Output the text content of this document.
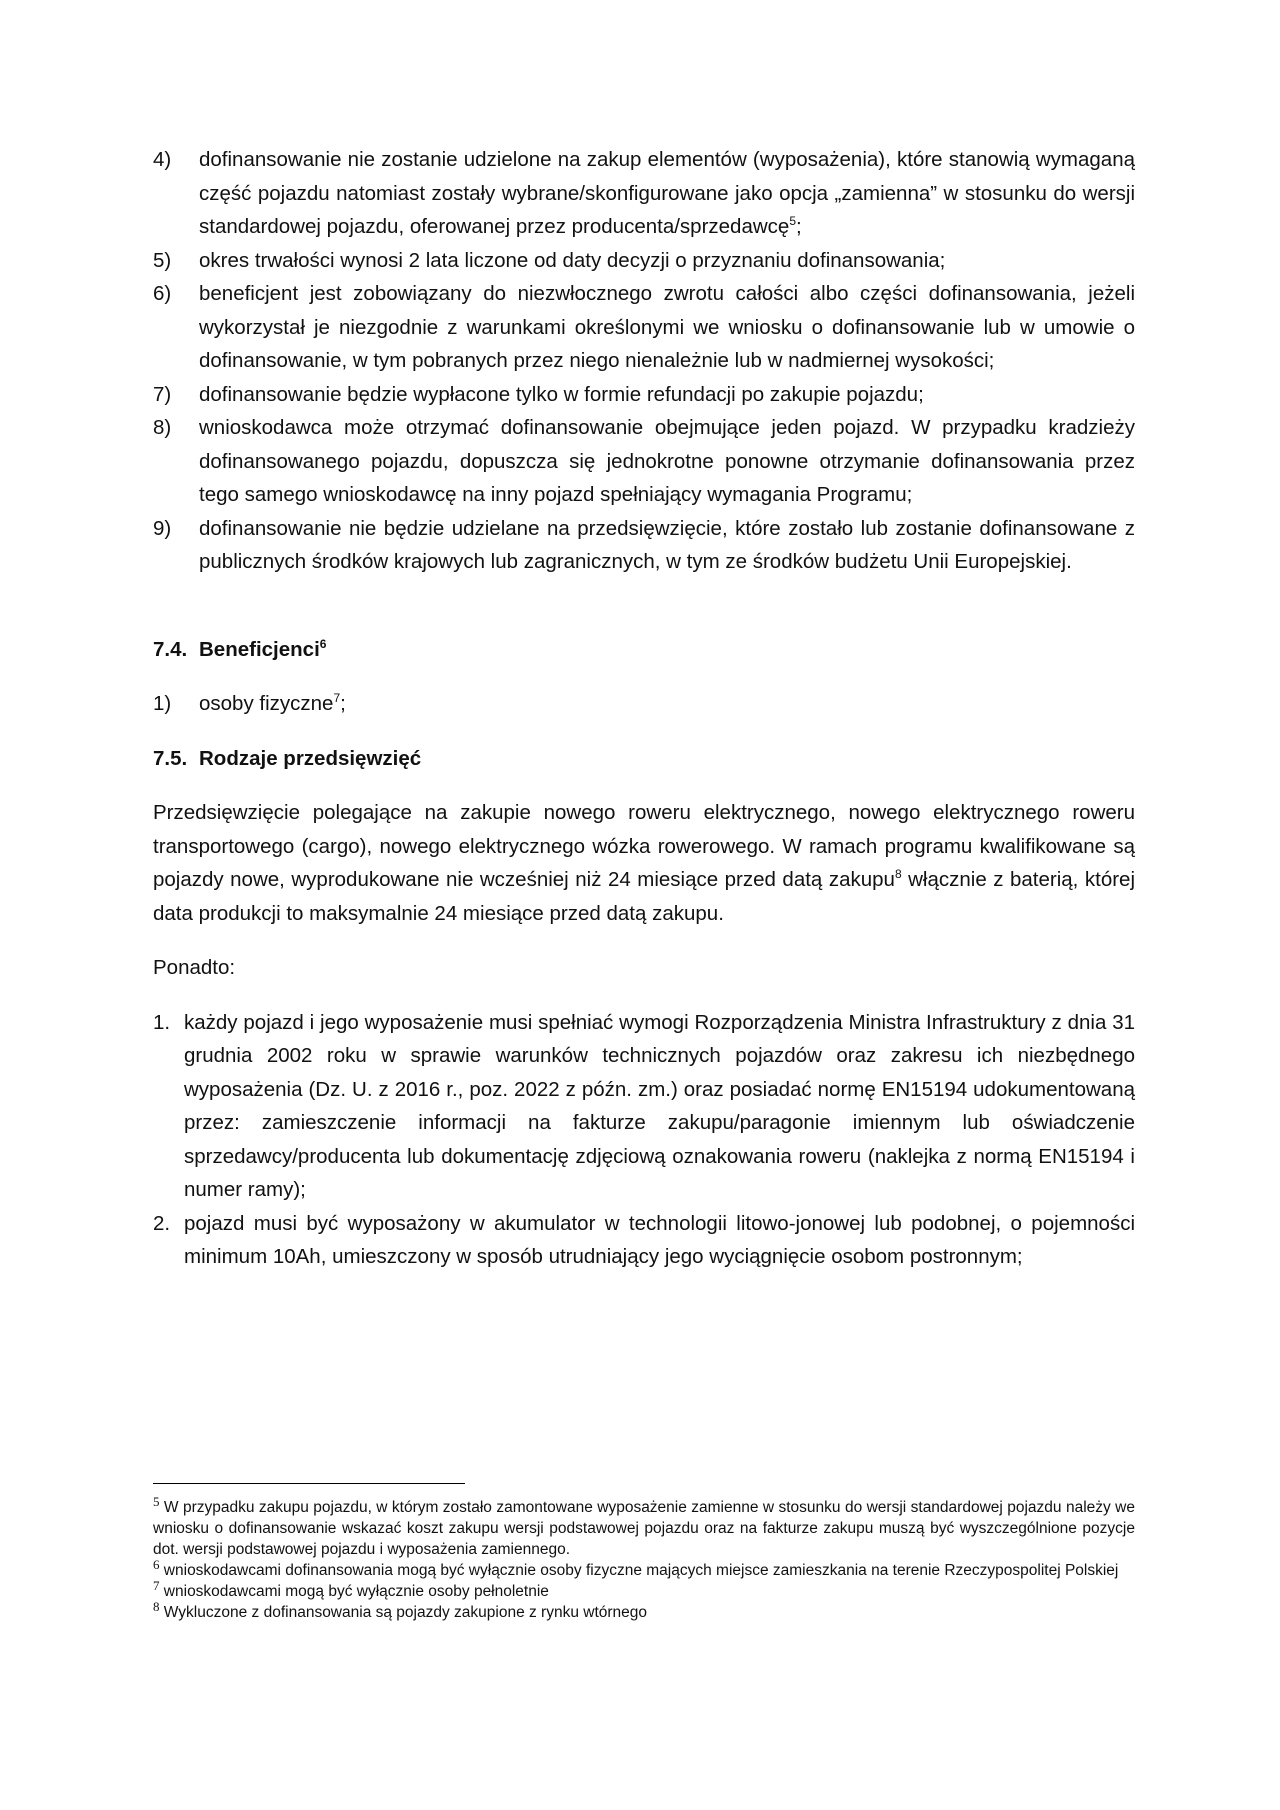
4) dofinansowanie nie zostanie udzielone na zakup elementów (wyposażenia), które stanowią wymaganą część pojazdu natomiast zostały wybrane/skonfigurowane jako opcja „zamienna” w stosunku do wersji standardowej pojazdu, oferowanej przez producenta/sprzedawcę$^5$;
5) okres trwałości wynosi 2 lata liczone od daty decyzji o przyznaniu dofinansowania;
6) beneficjent jest zobowiązany do niezwłocznego zwrotu całości albo części dofinansowania, jeżeli wykorzystał je niezgodnie z warunkami określonymi we wniosku o dofinansowanie lub w umowie o dofinansowanie, w tym pobranych przez niego nienależnie lub w nadmiernej wysokości;
7) dofinansowanie będzie wypłacone tylko w formie refundacji po zakupie pojazdu;
8) wnioskodawca może otrzymać dofinansowanie obejmujące jeden pojazd. W przypadku kradzieży dofinansowanego pojazdu, dopuszcza się jednokrotne ponowne otrzymanie dofinansowania przez tego samego wnioskodawcę na inny pojazd spełniający wymagania Programu;
9) dofinansowanie nie będzie udzielane na przedsięwzięcie, które zostało lub zostanie dofinansowane z publicznych środków krajowych lub zagranicznych, w tym ze środków budżetu Unii Europejskiej.

7.4. Beneficjenci$^6$

1) osoby fizyczne$^7$;

7.5. Rodzaje przedsięwzięć

Przedsięwzięcie polegające na zakupie nowego roweru elektrycznego, nowego elektrycznego roweru transportowego (cargo), nowego elektrycznego wózka rowerowego. W ramach programu kwalifikowane są pojazdy nowe, wyprodukowane nie wcześniej niż 24 miesiące przed datą zakupu$^8$ włącznie z baterią, której data produkcji to maksymalnie 24 miesiące przed datą zakupu.

Ponadto:

1. każdy pojazd i jego wyposażenie musi spełniać wymogi Rozporządzenia Ministra Infrastruktury z dnia 31 grudnia 2002 roku w sprawie warunków technicznych pojazdów oraz zakresu ich niezbędnego wyposażenia (Dz. U. z 2016 r., poz. 2022 z późn. zm.) oraz posiadać normę EN15194 udokumentowaną przez: zamieszczenie informacji na fakturze zakupu/paragonie imiennym lub oświadczenie sprzedawcy/producenta lub dokumentację zdjęciową oznakowania roweru (naklejka z normą EN15194 i numer ramy);
2. pojazd musi być wyposażony w akumulator w technologii litowo-jonowej lub podobnej, o pojemności minimum 10Ah, umieszczony w sposób utrudniający jego wyciągnięcie osobom postronnym;

$^5$ W przypadku zakupu pojazdu, w którym zostało zamontowane wyposażenie zamienne w stosunku do wersji standardowej pojazdu należy we wniosku o dofinansowanie wskazać koszt zakupu wersji podstawowej pojazdu oraz na fakturze zakupu muszą być wyszczególnione pozycje dot. wersji podstawowej pojazdu i wyposażenia zamiennego.

$^6$ wnioskodawcami dofinansowania mogą być wyłącznie osoby fizyczne mających miejsce zamieszkania na terenie Rzeczypospolitej Polskiej

$^7$ wnioskodawcami mogą być wyłącznie osoby pełnoletnie

$^8$ Wykluczone z dofinansowania są pojazdy zakupione z rynku wtórnego
